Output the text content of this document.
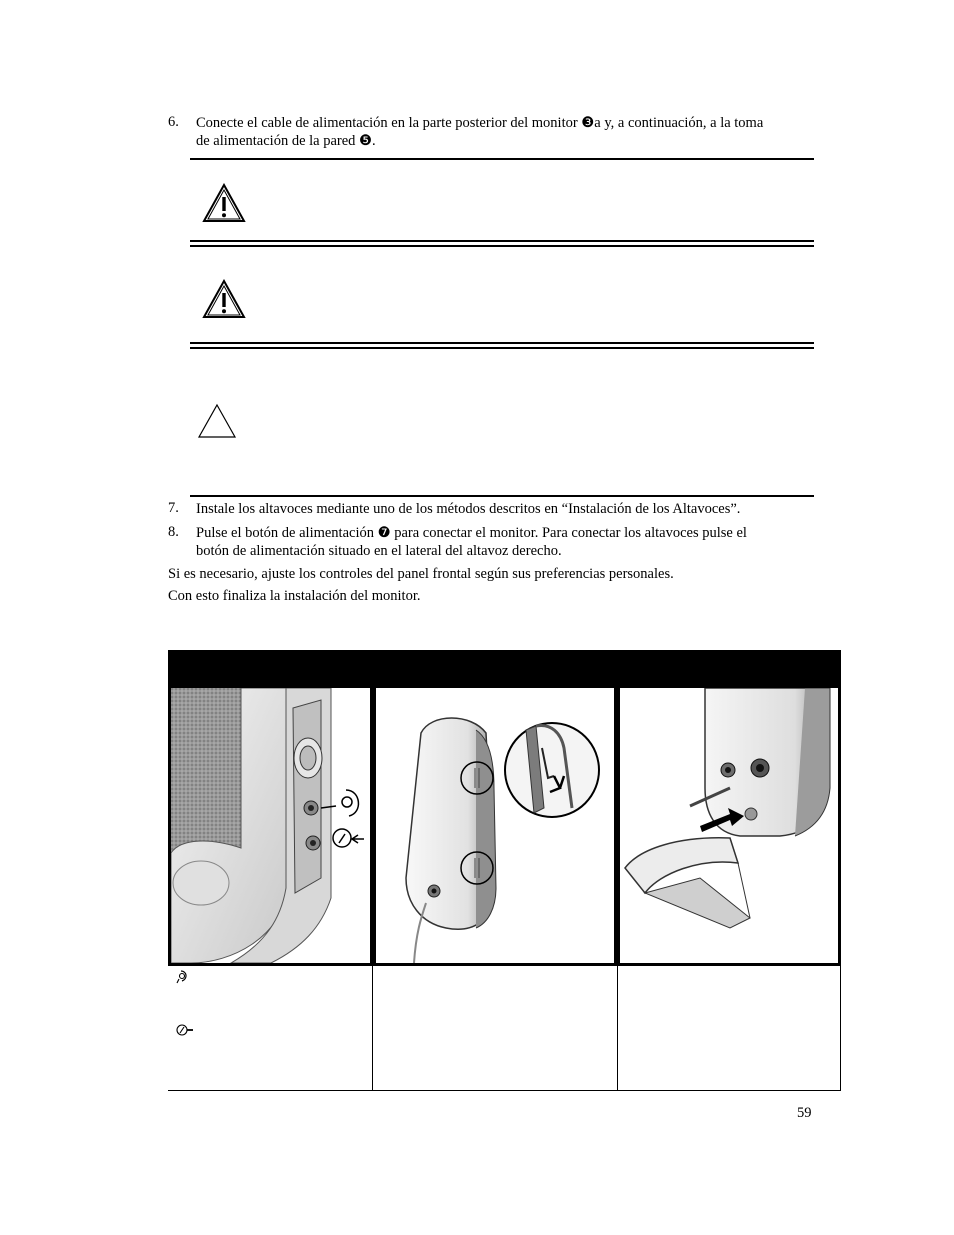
6. Conecte el cable de alimentación en la parte posterior del monitor ❸a y, a continuación, a la toma
de alimentación de la pared ❺.
7. Instale los altavoces mediante uno de los métodos descritos en “Instalación de los Altavoces”.
8. Pulse el botón de alimentación ❼ para conectar el monitor. Para conectar los altavoces pulse el
botón de alimentación situado en el lateral del altavoz derecho.
Si es necesario, ajuste los controles del panel frontal según sus preferencias personales.
Con esto finaliza la instalación del monitor.
59
